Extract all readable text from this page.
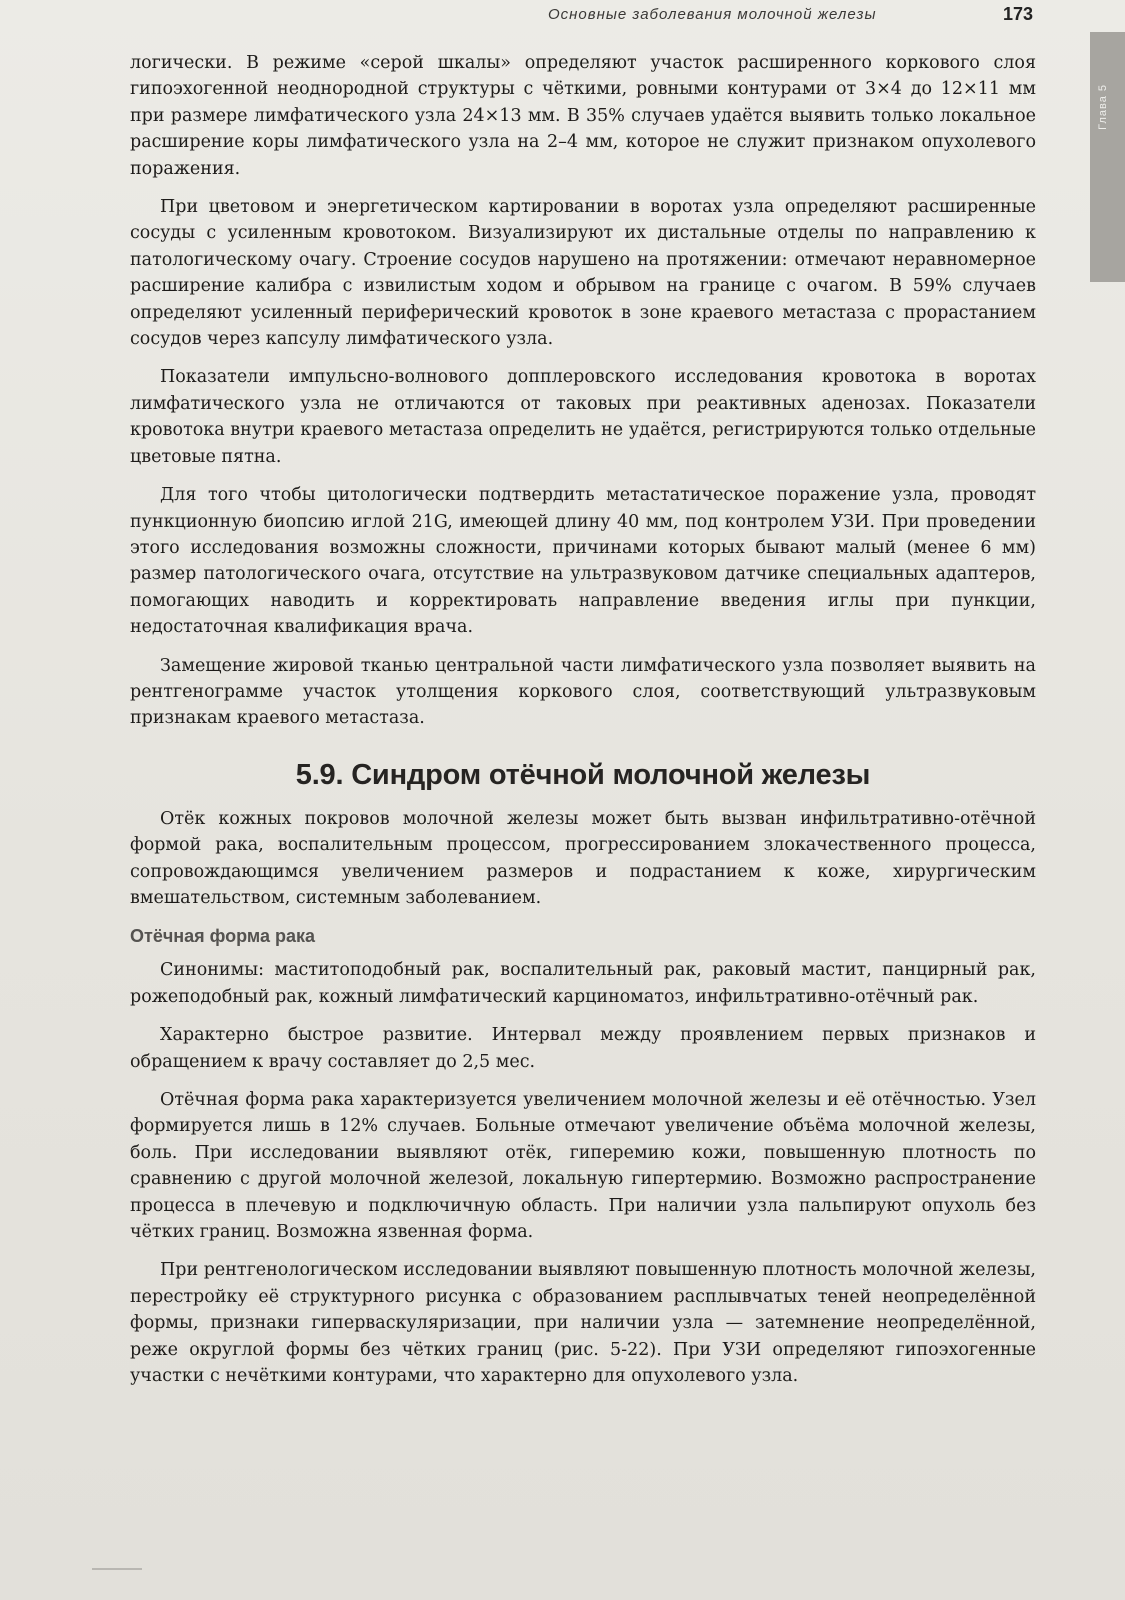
Основные заболевания молочной железы	173
Глава 5

логически. В режиме «серой шкалы» определяют участок расширенного коркового слоя гипоэхогенной неоднородной структуры с чёткими, ровными контурами от 3×4 до 12×11 мм при размере лимфатического узла 24×13 мм. В 35% случаев удаётся выявить только локальное расширение коры лимфатического узла на 2–4 мм, которое не служит признаком опухолевого поражения.

При цветовом и энергетическом картировании в воротах узла определяют расширенные сосуды с усиленным кровотоком. Визуализируют их дистальные отделы по направлению к патологическому очагу. Строение сосудов нарушено на протяжении: отмечают неравномерное расширение калибра с извилистым ходом и обрывом на границе с очагом. В 59% случаев определяют усиленный периферический кровоток в зоне краевого метастаза с прорастанием сосудов через капсулу лимфатического узла.

Показатели импульсно-волнового допплеровского исследования кровотока в воротах лимфатического узла не отличаются от таковых при реактивных аденозах. Показатели кровотока внутри краевого метастаза определить не удаётся, регистрируются только отдельные цветовые пятна.

Для того чтобы цитологически подтвердить метастатическое поражение узла, проводят пункционную биопсию иглой 21G, имеющей длину 40 мм, под контролем УЗИ. При проведении этого исследования возможны сложности, причинами которых бывают малый (менее 6 мм) размер патологического очага, отсутствие на ультразвуковом датчике специальных адаптеров, помогающих наводить и корректировать направление введения иглы при пункции, недостаточная квалификация врача.

Замещение жировой тканью центральной части лимфатического узла позволяет выявить на рентгенограмме участок утолщения коркового слоя, соответствующий ультразвуковым признакам краевого метастаза.

5.9. Синдром отёчной молочной железы

Отёк кожных покровов молочной железы может быть вызван инфильтративно-отёчной формой рака, воспалительным процессом, прогрессированием злокачественного процесса, сопровождающимся увеличением размеров и подрастанием к коже, хирургическим вмешательством, системным заболеванием.

Отёчная форма рака

Синонимы: маститоподобный рак, воспалительный рак, раковый мастит, панцирный рак, рожеподобный рак, кожный лимфатический карциноматоз, инфильтративно-отёчный рак.

Характерно быстрое развитие. Интервал между проявлением первых признаков и обращением к врачу составляет до 2,5 мес.

Отёчная форма рака характеризуется увеличением молочной железы и её отёчностью. Узел формируется лишь в 12% случаев. Больные отмечают увеличение объёма молочной железы, боль. При исследовании выявляют отёк, гиперемию кожи, повышенную плотность по сравнению с другой молочной железой, локальную гипертермию. Возможно распространение процесса в плечевую и подключичную область. При наличии узла пальпируют опухоль без чётких границ. Возможна язвенная форма.

При рентгенологическом исследовании выявляют повышенную плотность молочной железы, перестройку её структурного рисунка с образованием расплывчатых теней неопределённой формы, признаки гиперваскуляризации, при наличии узла — затемнение неопределённой, реже округлой формы без чётких границ (рис. 5-22). При УЗИ определяют гипоэхогенные участки с нечёткими контурами, что характерно для опухолевого узла.
